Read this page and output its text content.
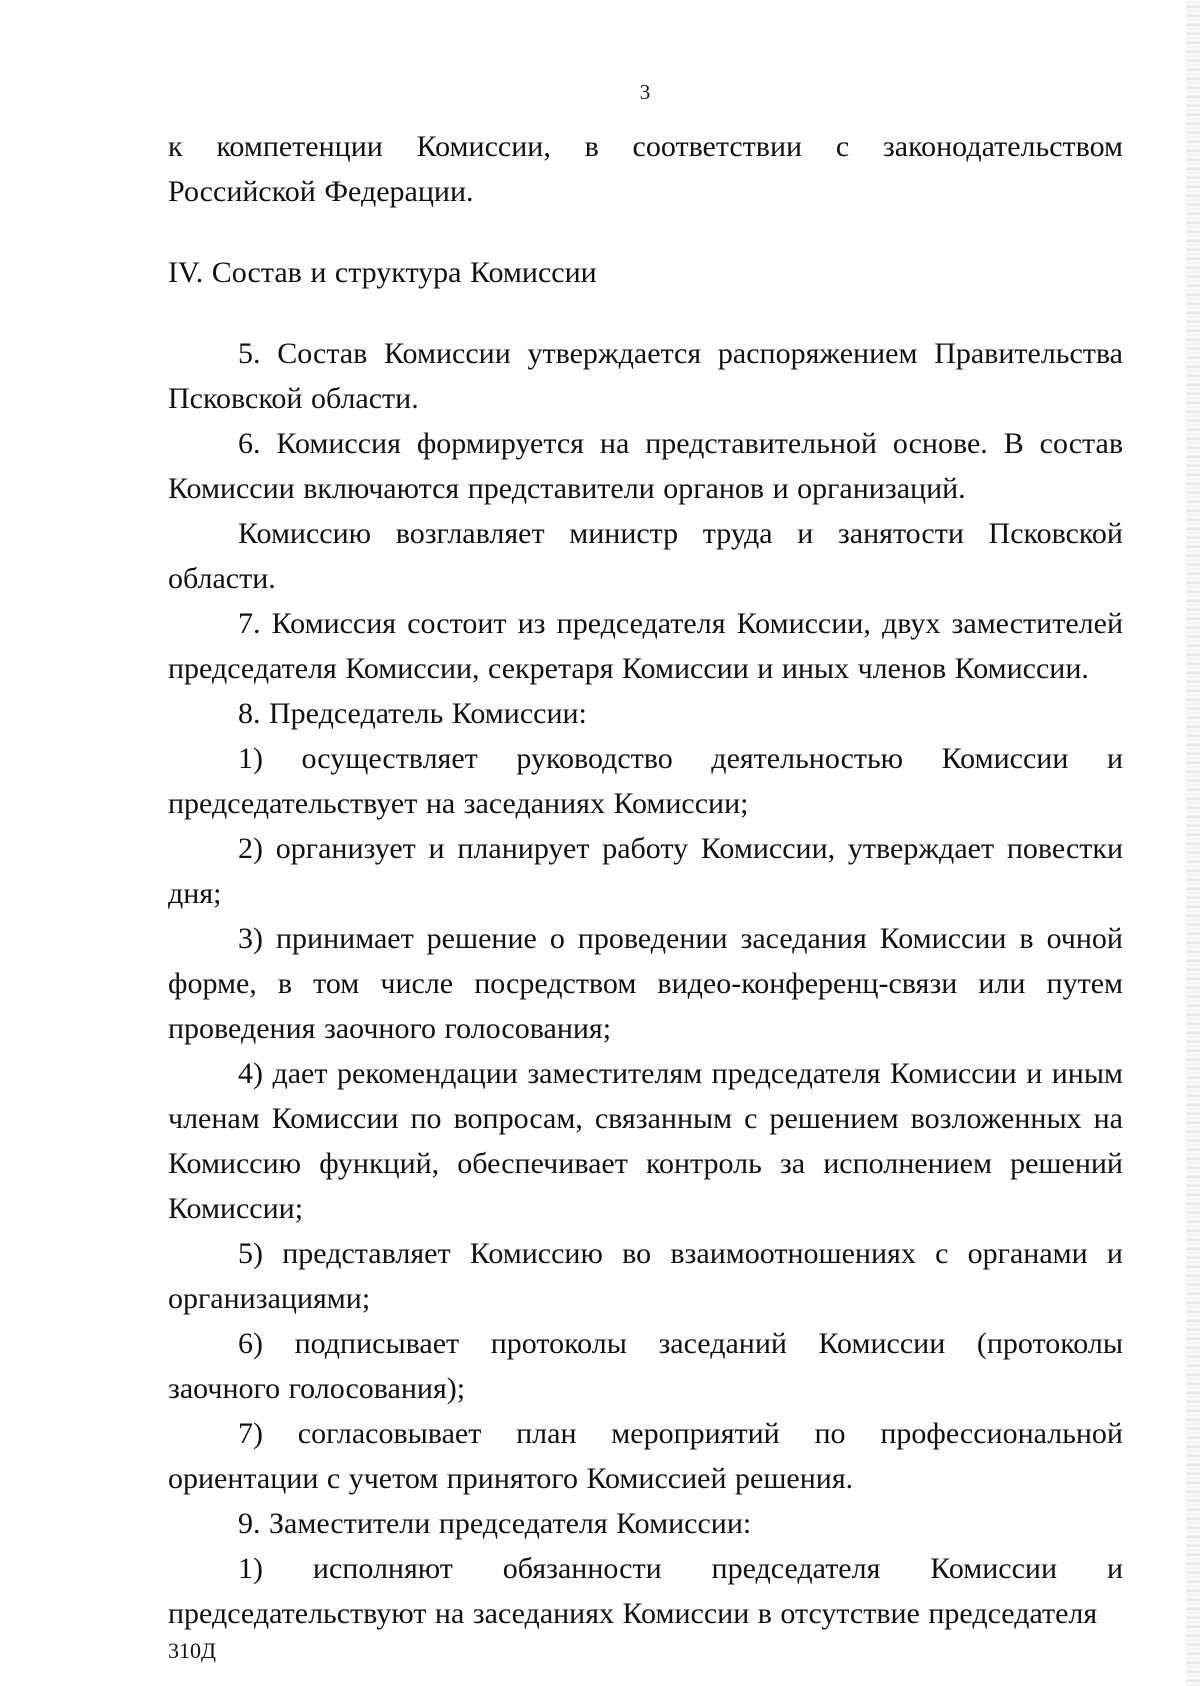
3

к компетенции Комиссии, в соответствии с законодательством Российской Федерации.

IV. Состав и структура Комиссии

5. Состав Комиссии утверждается распоряжением Правительства Псковской области.

6. Комиссия формируется на представительной основе. В состав Комиссии включаются представители органов и организаций.

Комиссию возглавляет министр труда и занятости Псковской области.

7. Комиссия состоит из председателя Комиссии, двух заместителей председателя Комиссии, секретаря Комиссии и иных членов Комиссии.

8. Председатель Комиссии:

1) осуществляет руководство деятельностью Комиссии и председательствует на заседаниях Комиссии;

2) организует и планирует работу Комиссии, утверждает повестки дня;

3) принимает решение о проведении заседания Комиссии в очной форме, в том числе посредством видео-конференц-связи или путем проведения заочного голосования;

4) дает рекомендации заместителям председателя Комиссии и иным членам Комиссии по вопросам, связанным с решением возложенных на Комиссию функций, обеспечивает контроль за исполнением решений Комиссии;

5) представляет Комиссию во взаимоотношениях с органами и организациями;

6) подписывает протоколы заседаний Комиссии (протоколы заочного голосования);

7) согласовывает план мероприятий по профессиональной ориентации с учетом принятого Комиссией решения.

9. Заместители председателя Комиссии:

1) исполняют обязанности председателя Комиссии и председательствуют на заседаниях Комиссии в отсутствие председателя

310Д
